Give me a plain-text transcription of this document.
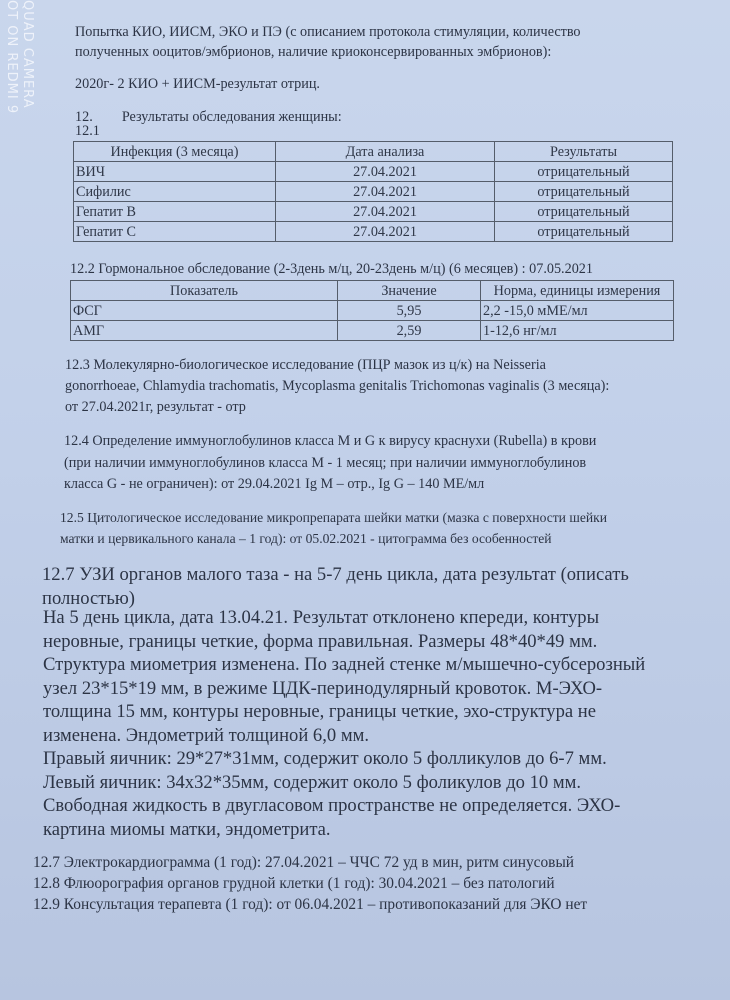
OT ON REDMI 9 QUAD CAMERA	Попытка КИО, ИИСМ, ЭКО и ПЭ (с описанием протокола стимуляции, количество
полученных ооцитов/эмбрионов, наличие криоконсервированных эмбрионов):
2020г- 2 КИО + ИИСМ-результат отриц.
12. Результаты обследования женщины:
12.1
Инфекция (3 месяца)	Дата анализа	Результаты
ВИЧ	27.04.2021	отрицательный
Сифилис	27.04.2021	отрицательный
Гепатит В	27.04.2021	отрицательный
Гепатит С	27.04.2021	отрицательный
12.2 Гормональное обследование (2-3день м/ц, 20-23день м/ц) (6 месяцев) : 07.05.2021
Показатель	Значение	Норма, единицы измерения
ФСГ	5,95	2,2 -15,0 мМЕ/мл
АМГ	2,59	1-12,6 нг/мл
12.3 Молекулярно-биологическое исследование (ПЦР мазок из ц/к) на Neisseria
gonorrhoeae, Chlamydia trachomatis, Mycoplasma genitalis Trichomonas vaginalis (3 месяца):
от 27.04.2021г, результат - отр
12.4 Определение иммуноглобулинов класса М и G к вирусу краснухи (Rubella) в крови
(при наличии иммуноглобулинов класса М - 1 месяц; при наличии иммуноглобулинов
класса G - не ограничен): от 29.04.2021 Ig M – отр., Ig G – 140 МЕ/мл
12.5 Цитологическое исследование микропрепарата шейки матки (мазка с поверхности шейки
матки и цервикального канала – 1 год): от 05.02.2021 - цитограмма без особенностей
12.7 УЗИ органов малого таза - на 5-7 день цикла, дата результат (описать
полностью)
На 5 день цикла, дата 13.04.21. Результат отклонено кпереди, контуры
неровные, границы четкие, форма правильная. Размеры 48*40*49 мм.
Структура миометрия изменена. По задней стенке м/мышечно-субсерозный
узел 23*15*19 мм, в режиме ЦДК-перинодулярный кровоток. М-ЭХО-
толщина 15 мм, контуры неровные, границы четкие, эхо-структура не
изменена. Эндометрий толщиной 6,0 мм.
Правый яичник: 29*27*31мм, содержит около 5 фолликулов до 6-7 мм.
Левый яичник: 34х32*35мм, содержит около 5 фоликулов до 10 мм.
Свободная жидкость в двугласовом пространстве не определяется. ЭХО-
картина миомы матки, эндометрита.
12.7 Электрокардиограмма (1 год): 27.04.2021 – ЧЧС 72 уд в мин, ритм синусовый
12.8 Флюорография органов грудной клетки (1 год): 30.04.2021 – без патологий
12.9 Консультация терапевта (1 год): от 06.04.2021 – противопоказаний для ЭКО нет
